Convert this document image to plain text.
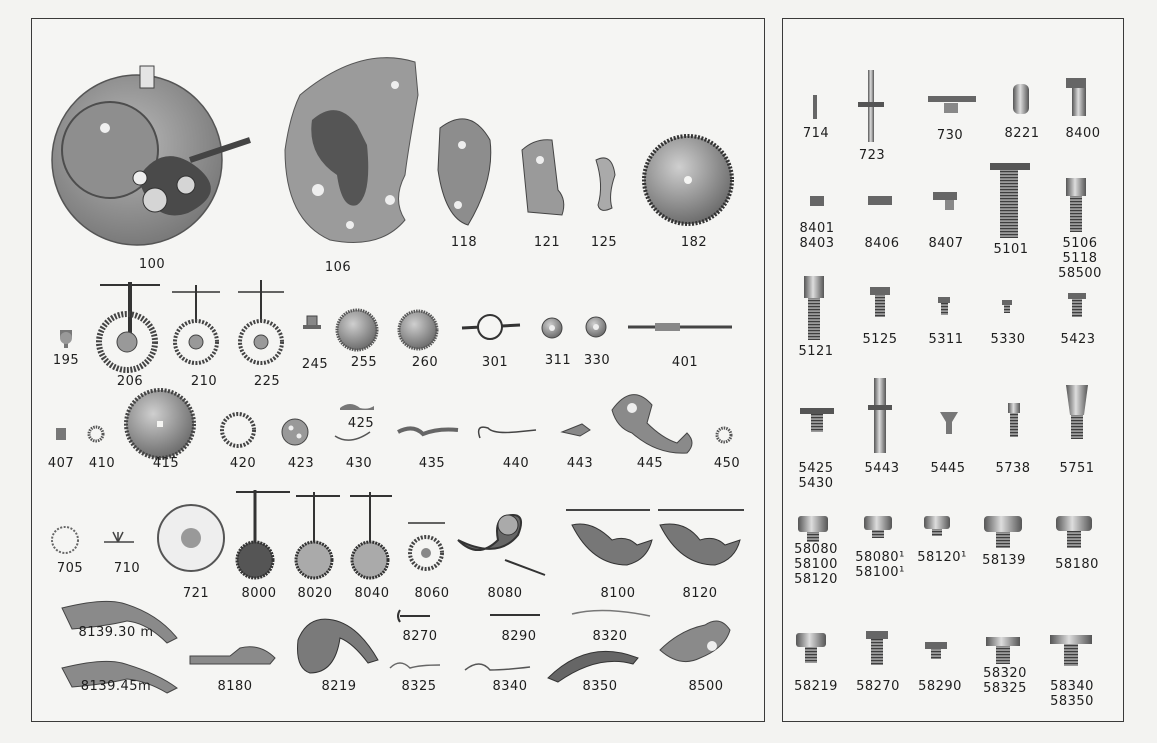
100	106
118	121 125	182
195
206	210	225
245 255	260	301	311 330	401
407 410	415	420 423
425
430	435	440	443	445	450
705 710
721 8000 8020 8040 8060	8080	8100	8120
8139.30 m
8139.45m	8180	8219
8270	8290	8320
8325	8340	8350	8500
714
723
730	8221 8400
8401
8403 8406 8407 5101	5106
5118
58500
5121
5125 5311 5330	5423
5425
5430
5443 5445 5738 5751
58080
58100
58120
58080¹
58100¹
58120¹ 58139 58180
58219 58270 58290
58320
58325 58340
58350
